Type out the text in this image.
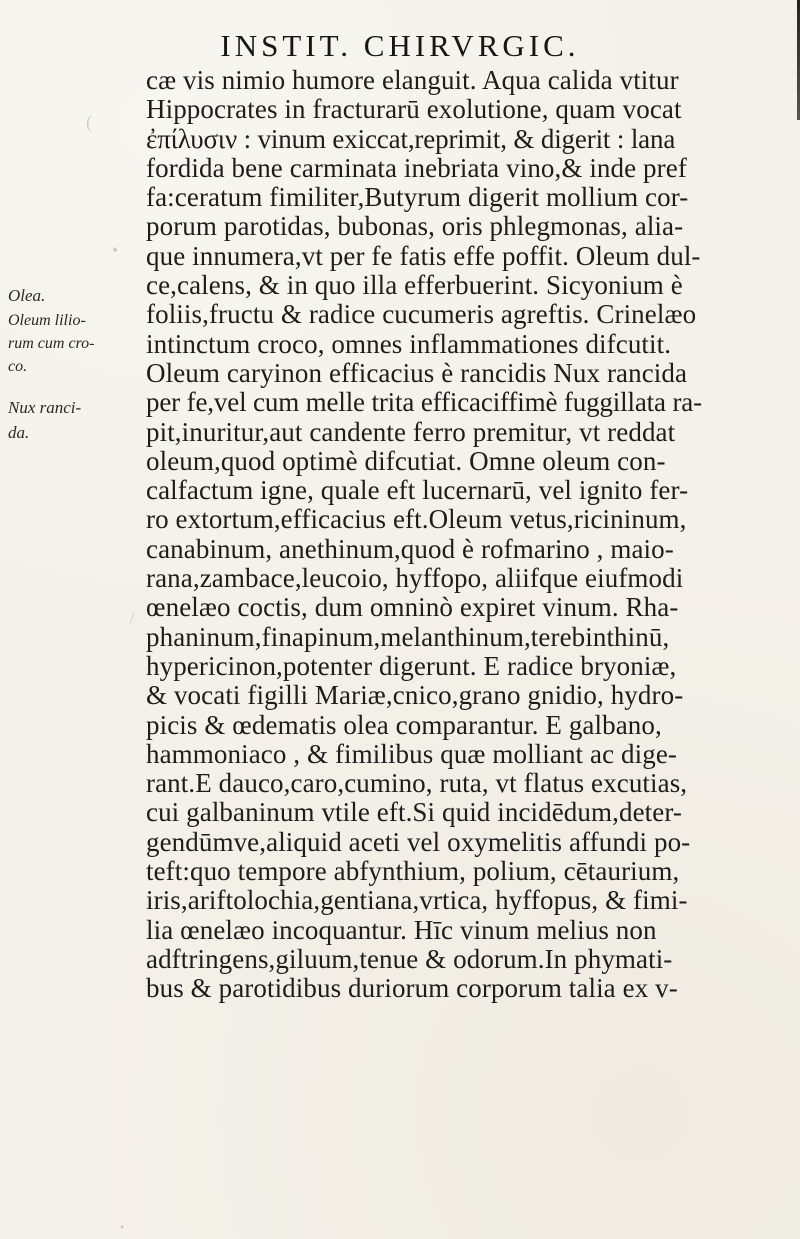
(
•
/
•
INSTIT. CHIRVRGIC.
Olea.
Oleum lilio-
rum cum cro-
co.
Nux ranci-
da.
cæ vis nimio humore elanguit. Aqua calida vtitur
Hippocrates in fracturarū exolutione, quam vocat
ἐπίλυσιν : vinum exiccat,reprimit, & digerit : lana
fordida bene carminata inebriata vino,& inde pref
fa:ceratum fimiliter,Butyrum digerit mollium cor-
porum parotidas, bubonas, oris phlegmonas, alia-
que innumera,vt per fe fatis effe poffit. Oleum dul-
ce,calens, & in quo illa efferbuerint. Sicyonium è
foliis,fructu & radice cucumeris agreftis. Crinelæo
intinctum croco, omnes inflammationes difcutit.
Oleum caryinon efficacius è rancidis Nux rancida
per fe,vel cum melle trita efficaciffimè fuggillata ra-
pit,inuritur,aut candente ferro premitur, vt reddat
oleum,quod optimè difcutiat. Omne oleum con-
calfactum igne, quale eft lucernarū, vel ignito fer-
ro extortum,efficacius eft.Oleum vetus,ricininum,
canabinum, anethinum,quod è rofmarino , maio-
rana,zambace,leucoio, hyffopo, aliifque eiufmodi
œnelæo coctis, dum omninò expiret vinum. Rha-
phaninum,finapinum,melanthinum,terebinthinū,
hypericinon,potenter digerunt. E radice bryoniæ,
& vocati figilli Mariæ,cnico,grano gnidio, hydro-
picis & œdematis olea comparantur. E galbano,
hammoniaco , & fimilibus quæ molliant ac dige-
rant.E dauco,caro,cumino, ruta, vt flatus excutias,
cui galbaninum vtile eft.Si quid incidēdum,deter-
gendūmve,aliquid aceti vel oxymelitis affundi po-
teft:quo tempore abfynthium, polium, cētaurium,
iris,ariftolochia,gentiana,vrtica, hyffopus, & fimi-
lia œnelæo incoquantur. Hīc vinum melius non
adftringens,giluum,tenue & odorum.In phymati-
bus & parotidibus duriorum corporum talia ex v-
